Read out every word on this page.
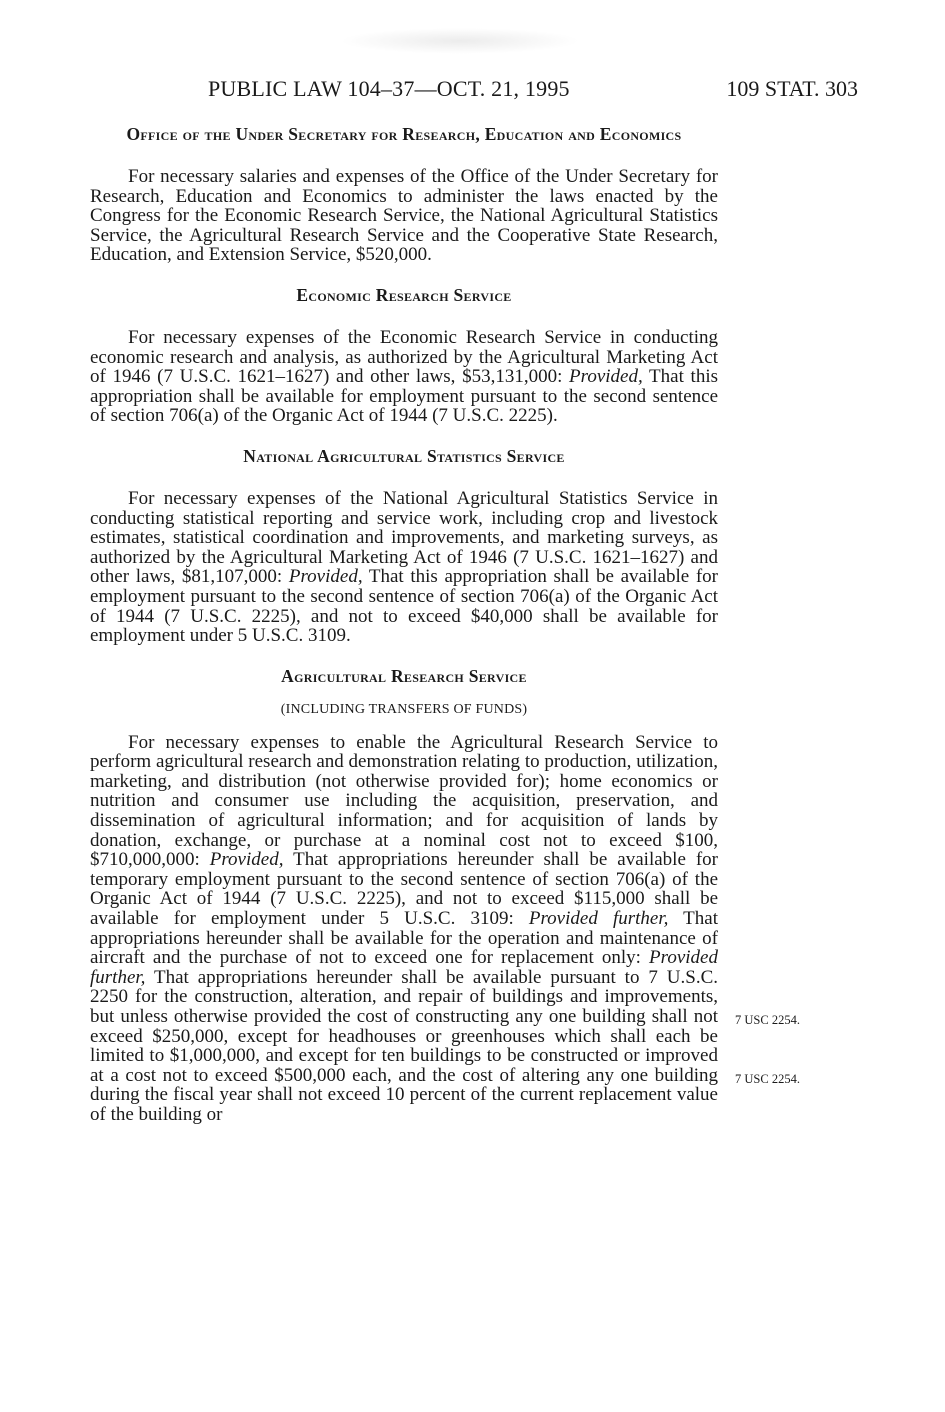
PUBLIC LAW 104–37—OCT. 21, 1995	109 STAT. 303
Office of the Under Secretary for Research, Education and Economics

For necessary salaries and expenses of the Office of the Under Secretary for Research, Education and Economics to administer the laws enacted by the Congress for the Economic Research Service, the National Agricultural Statistics Service, the Agricultural Research Service and the Cooperative State Research, Education, and Extension Service, $520,000.

Economic Research Service

For necessary expenses of the Economic Research Service in conducting economic research and analysis, as authorized by the Agricultural Marketing Act of 1946 (7 U.S.C. 1621–1627) and other laws, $53,131,000: Provided, That this appropriation shall be available for employment pursuant to the second sentence of section 706(a) of the Organic Act of 1944 (7 U.S.C. 2225).

National Agricultural Statistics Service

For necessary expenses of the National Agricultural Statistics Service in conducting statistical reporting and service work, including crop and livestock estimates, statistical coordination and improvements, and marketing surveys, as authorized by the Agricultural Marketing Act of 1946 (7 U.S.C. 1621–1627) and other laws, $81,107,000: Provided, That this appropriation shall be available for employment pursuant to the second sentence of section 706(a) of the Organic Act of 1944 (7 U.S.C. 2225), and not to exceed $40,000 shall be available for employment under 5 U.S.C. 3109.

Agricultural Research Service
(INCLUDING TRANSFERS OF FUNDS)

For necessary expenses to enable the Agricultural Research Service to perform agricultural research and demonstration relating to production, utilization, marketing, and distribution (not otherwise provided for); home economics or nutrition and consumer use including the acquisition, preservation, and dissemination of agricultural information; and for acquisition of lands by donation, exchange, or purchase at a nominal cost not to exceed $100, $710,000,000: Provided, That appropriations hereunder shall be available for temporary employment pursuant to the second sentence of section 706(a) of the Organic Act of 1944 (7 U.S.C. 2225), and not to exceed $115,000 shall be available for employment under 5 U.S.C. 3109: Provided further, That appropriations hereunder shall be available for the operation and maintenance of aircraft and the purchase of not to exceed one for replacement only: Provided further, That appropriations hereunder shall be available pursuant to 7 U.S.C. 2250 for the construction, alteration, and repair of buildings and improvements, but unless otherwise provided the cost of constructing any one building shall not exceed $250,000, except for headhouses or greenhouses which shall each be limited to $1,000,000, and except for ten buildings to be constructed or improved at a cost not to exceed $500,000 each, and the cost of altering any one building during the fiscal year shall not exceed 10 percent of the current replacement value of the building or

7 USC 2254.
7 USC 2254.
